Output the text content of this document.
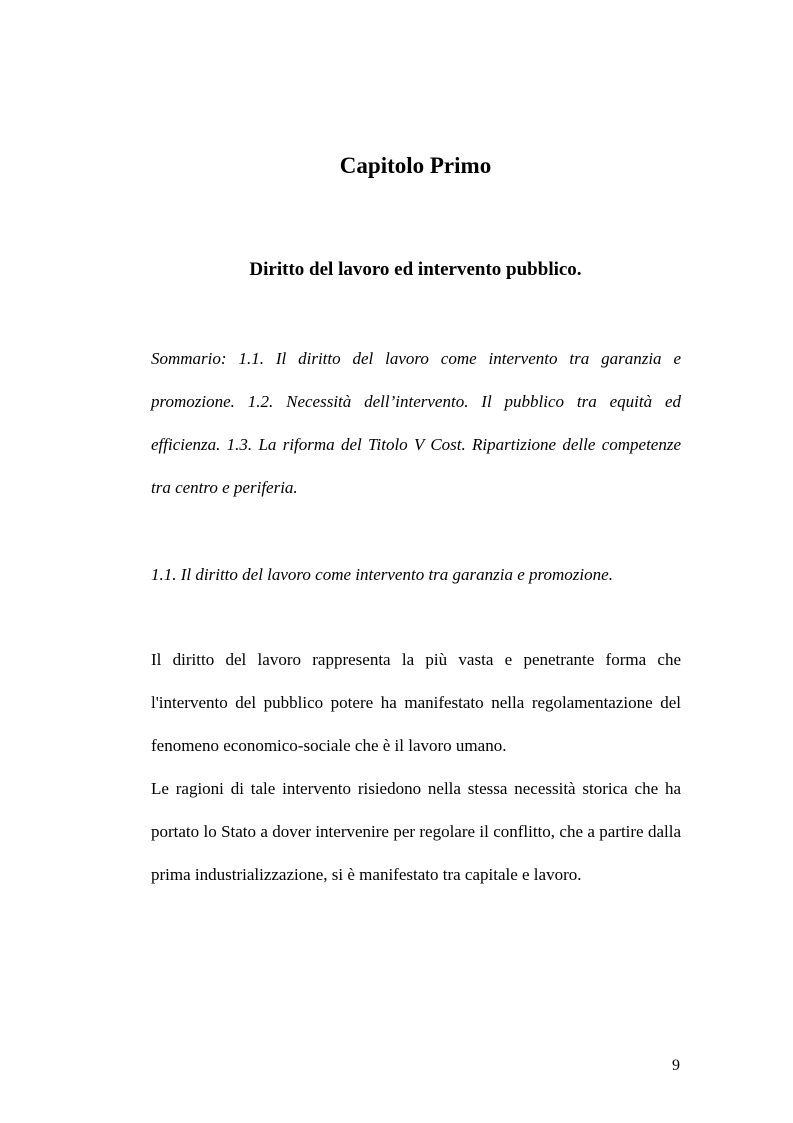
Capitolo Primo
Diritto del lavoro ed intervento pubblico.

Sommario: 1.1. Il diritto del lavoro come intervento tra garanzia e promozione. 1.2. Necessità dell’intervento. Il pubblico tra equità ed efficienza. 1.3. La riforma del Titolo V Cost. Ripartizione delle competenze tra centro e periferia.

1.1. Il diritto del lavoro come intervento tra garanzia e promozione.

Il diritto del lavoro rappresenta la più vasta e penetrante forma che l'intervento del pubblico potere ha manifestato nella regolamentazione del fenomeno economico-sociale che è il lavoro umano.

Le ragioni di tale intervento risiedono nella stessa necessità storica che ha portato lo Stato a dover intervenire per regolare il conflitto, che a partire dalla prima industrializzazione, si è manifestato tra capitale e lavoro.

9
